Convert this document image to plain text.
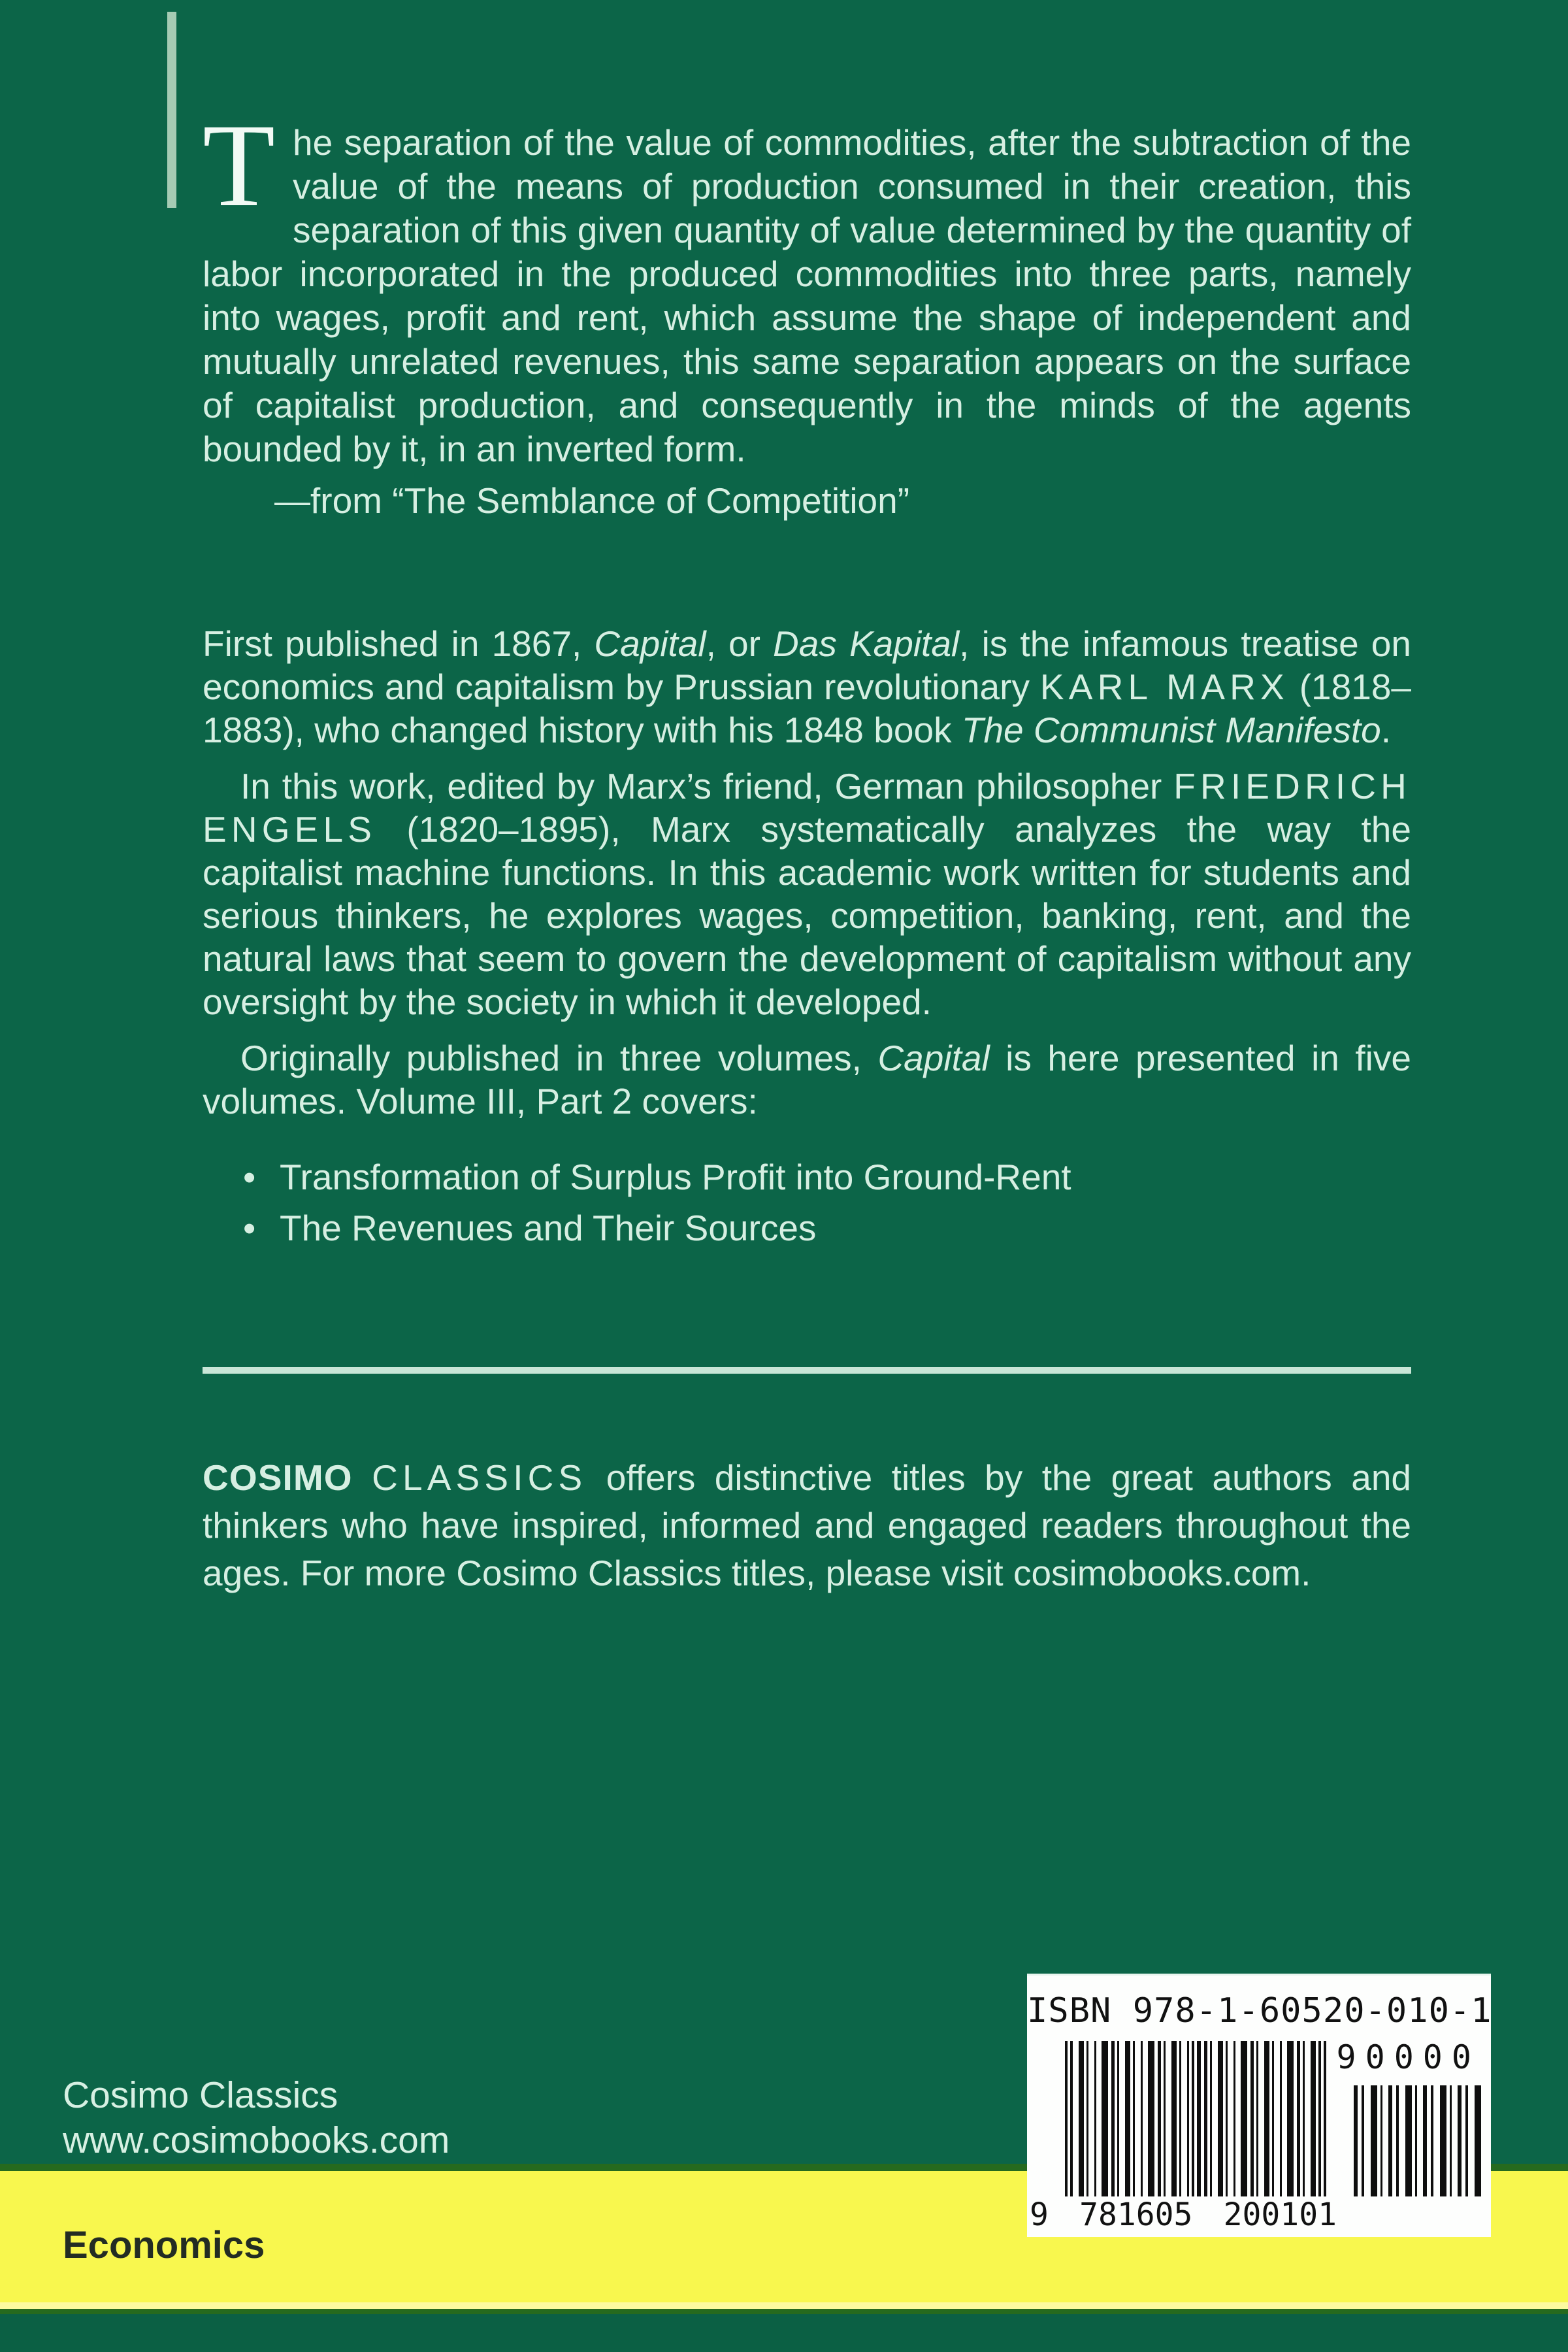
The separation of the value of commodities, after the subtraction of the value of the means of production consumed in their creation, this separation of this given quantity of value determined by the quantity of labor incorporated in the produced commodities into three parts, namely into wages, profit and rent, which assume the shape of independent and mutually unrelated revenues, this same separation appears on the surface of capitalist production, and consequently in the minds of the agents bounded by it, in an inverted form.
—from “The Semblance of Competition”

First published in 1867, Capital, or Das Kapital, is the infamous treatise on economics and capitalism by Prussian revolutionary KARL MARX (1818–1883), who changed history with his 1848 book The Communist Manifesto.

In this work, edited by Marx’s friend, German philosopher FRIEDRICH ENGELS (1820–1895), Marx systematically analyzes the way the capitalist machine functions. In this academic work written for students and serious thinkers, he explores wages, competition, banking, rent, and the natural laws that seem to govern the development of capitalism without any oversight by the society in which it developed.

Originally published in three volumes, Capital is here presented in five volumes. Volume III, Part 2 covers:

• Transformation of Surplus Profit into Ground-Rent
• The Revenues and Their Sources
COSIMO CLASSICS offers distinctive titles by the great authors and thinkers who have inspired, informed and engaged readers throughout the ages. For more Cosimo Classics titles, please visit cosimobooks.com.
Cosimo Classics
www.cosimobooks.com
Economics
ISBN 978-1-60520-010-1
90000
9 781605 200101
